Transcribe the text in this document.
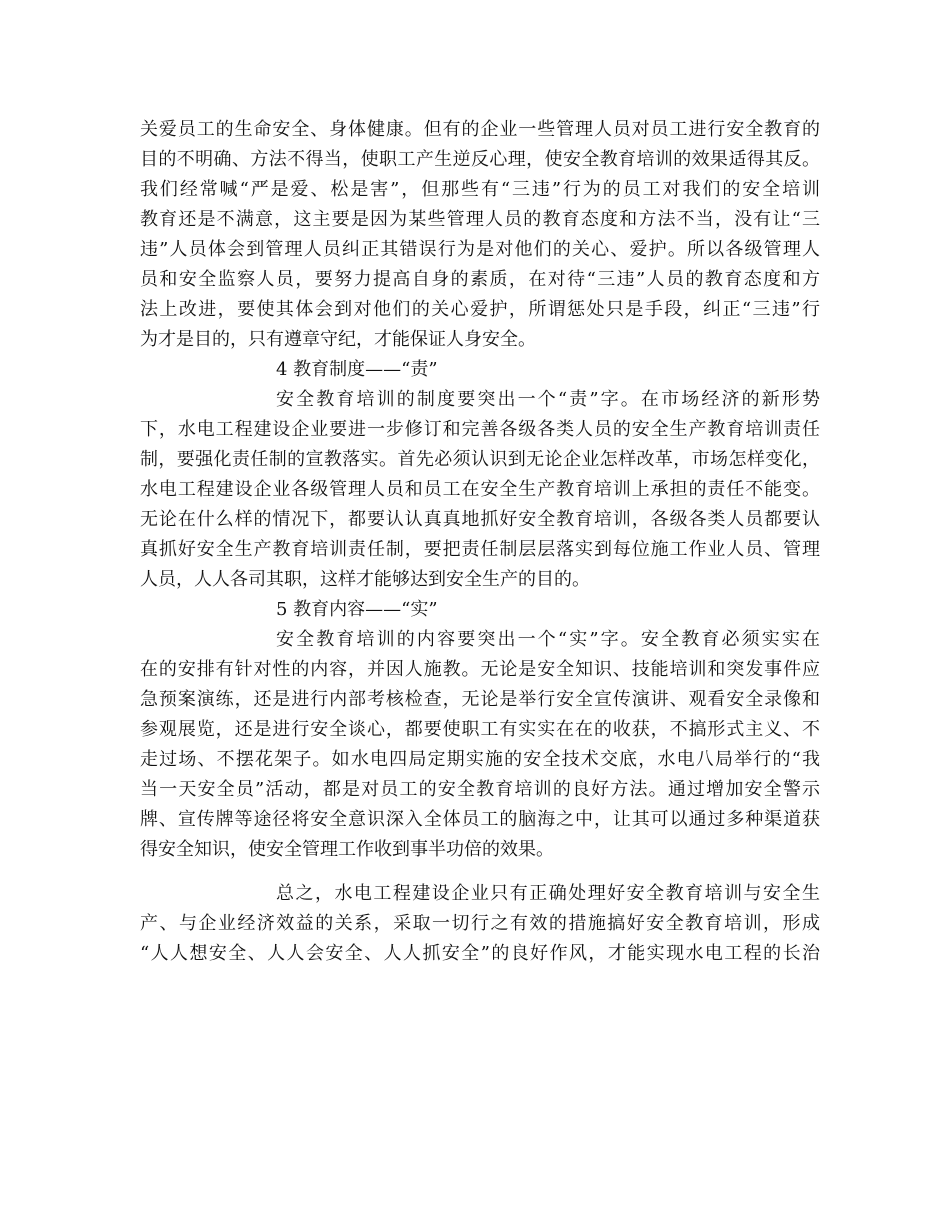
关爱员工的生命安全、身体健康。但有的企业一些管理人员对员工进行安全教育的
目的不明确、方法不得当，使职工产生逆反心理，使安全教育培训的效果适得其反。
我们经常喊“严是爱、松是害”，但那些有“三违”行为的员工对我们的安全培训
教育还是不满意，这主要是因为某些管理人员的教育态度和方法不当，没有让“三
违”人员体会到管理人员纠正其错误行为是对他们的关心、爱护。所以各级管理人
员和安全监察人员，要努力提高自身的素质，在对待“三违”人员的教育态度和方
法上改进，要使其体会到对他们的关心爱护，所谓惩处只是手段，纠正“三违”行
为才是目的，只有遵章守纪，才能保证人身安全。
4 教育制度——“责”
安全教育培训的制度要突出一个“责”字。在市场经济的新形势
下，水电工程建设企业要进一步修订和完善各级各类人员的安全生产教育培训责任
制，要强化责任制的宣教落实。首先必须认识到无论企业怎样改革，市场怎样变化，
水电工程建设企业各级管理人员和员工在安全生产教育培训上承担的责任不能变。
无论在什么样的情况下，都要认认真真地抓好安全教育培训，各级各类人员都要认
真抓好安全生产教育培训责任制，要把责任制层层落实到每位施工作业人员、管理
人员，人人各司其职，这样才能够达到安全生产的目的。
5 教育内容——“实”
安全教育培训的内容要突出一个“实”字。安全教育必须实实在
在的安排有针对性的内容，并因人施教。无论是安全知识、技能培训和突发事件应
急预案演练，还是进行内部考核检查，无论是举行安全宣传演讲、观看安全录像和
参观展览，还是进行安全谈心，都要使职工有实实在在的收获，不搞形式主义、不
走过场、不摆花架子。如水电四局定期实施的安全技术交底，水电八局举行的“我
当一天安全员”活动，都是对员工的安全教育培训的良好方法。通过增加安全警示
牌、宣传牌等途径将安全意识深入全体员工的脑海之中，让其可以通过多种渠道获
得安全知识，使安全管理工作收到事半功倍的效果。
总之，水电工程建设企业只有正确处理好安全教育培训与安全生
产、与企业经济效益的关系，采取一切行之有效的措施搞好安全教育培训，形成
“人人想安全、人人会安全、人人抓安全”的良好作风，才能实现水电工程的长治
